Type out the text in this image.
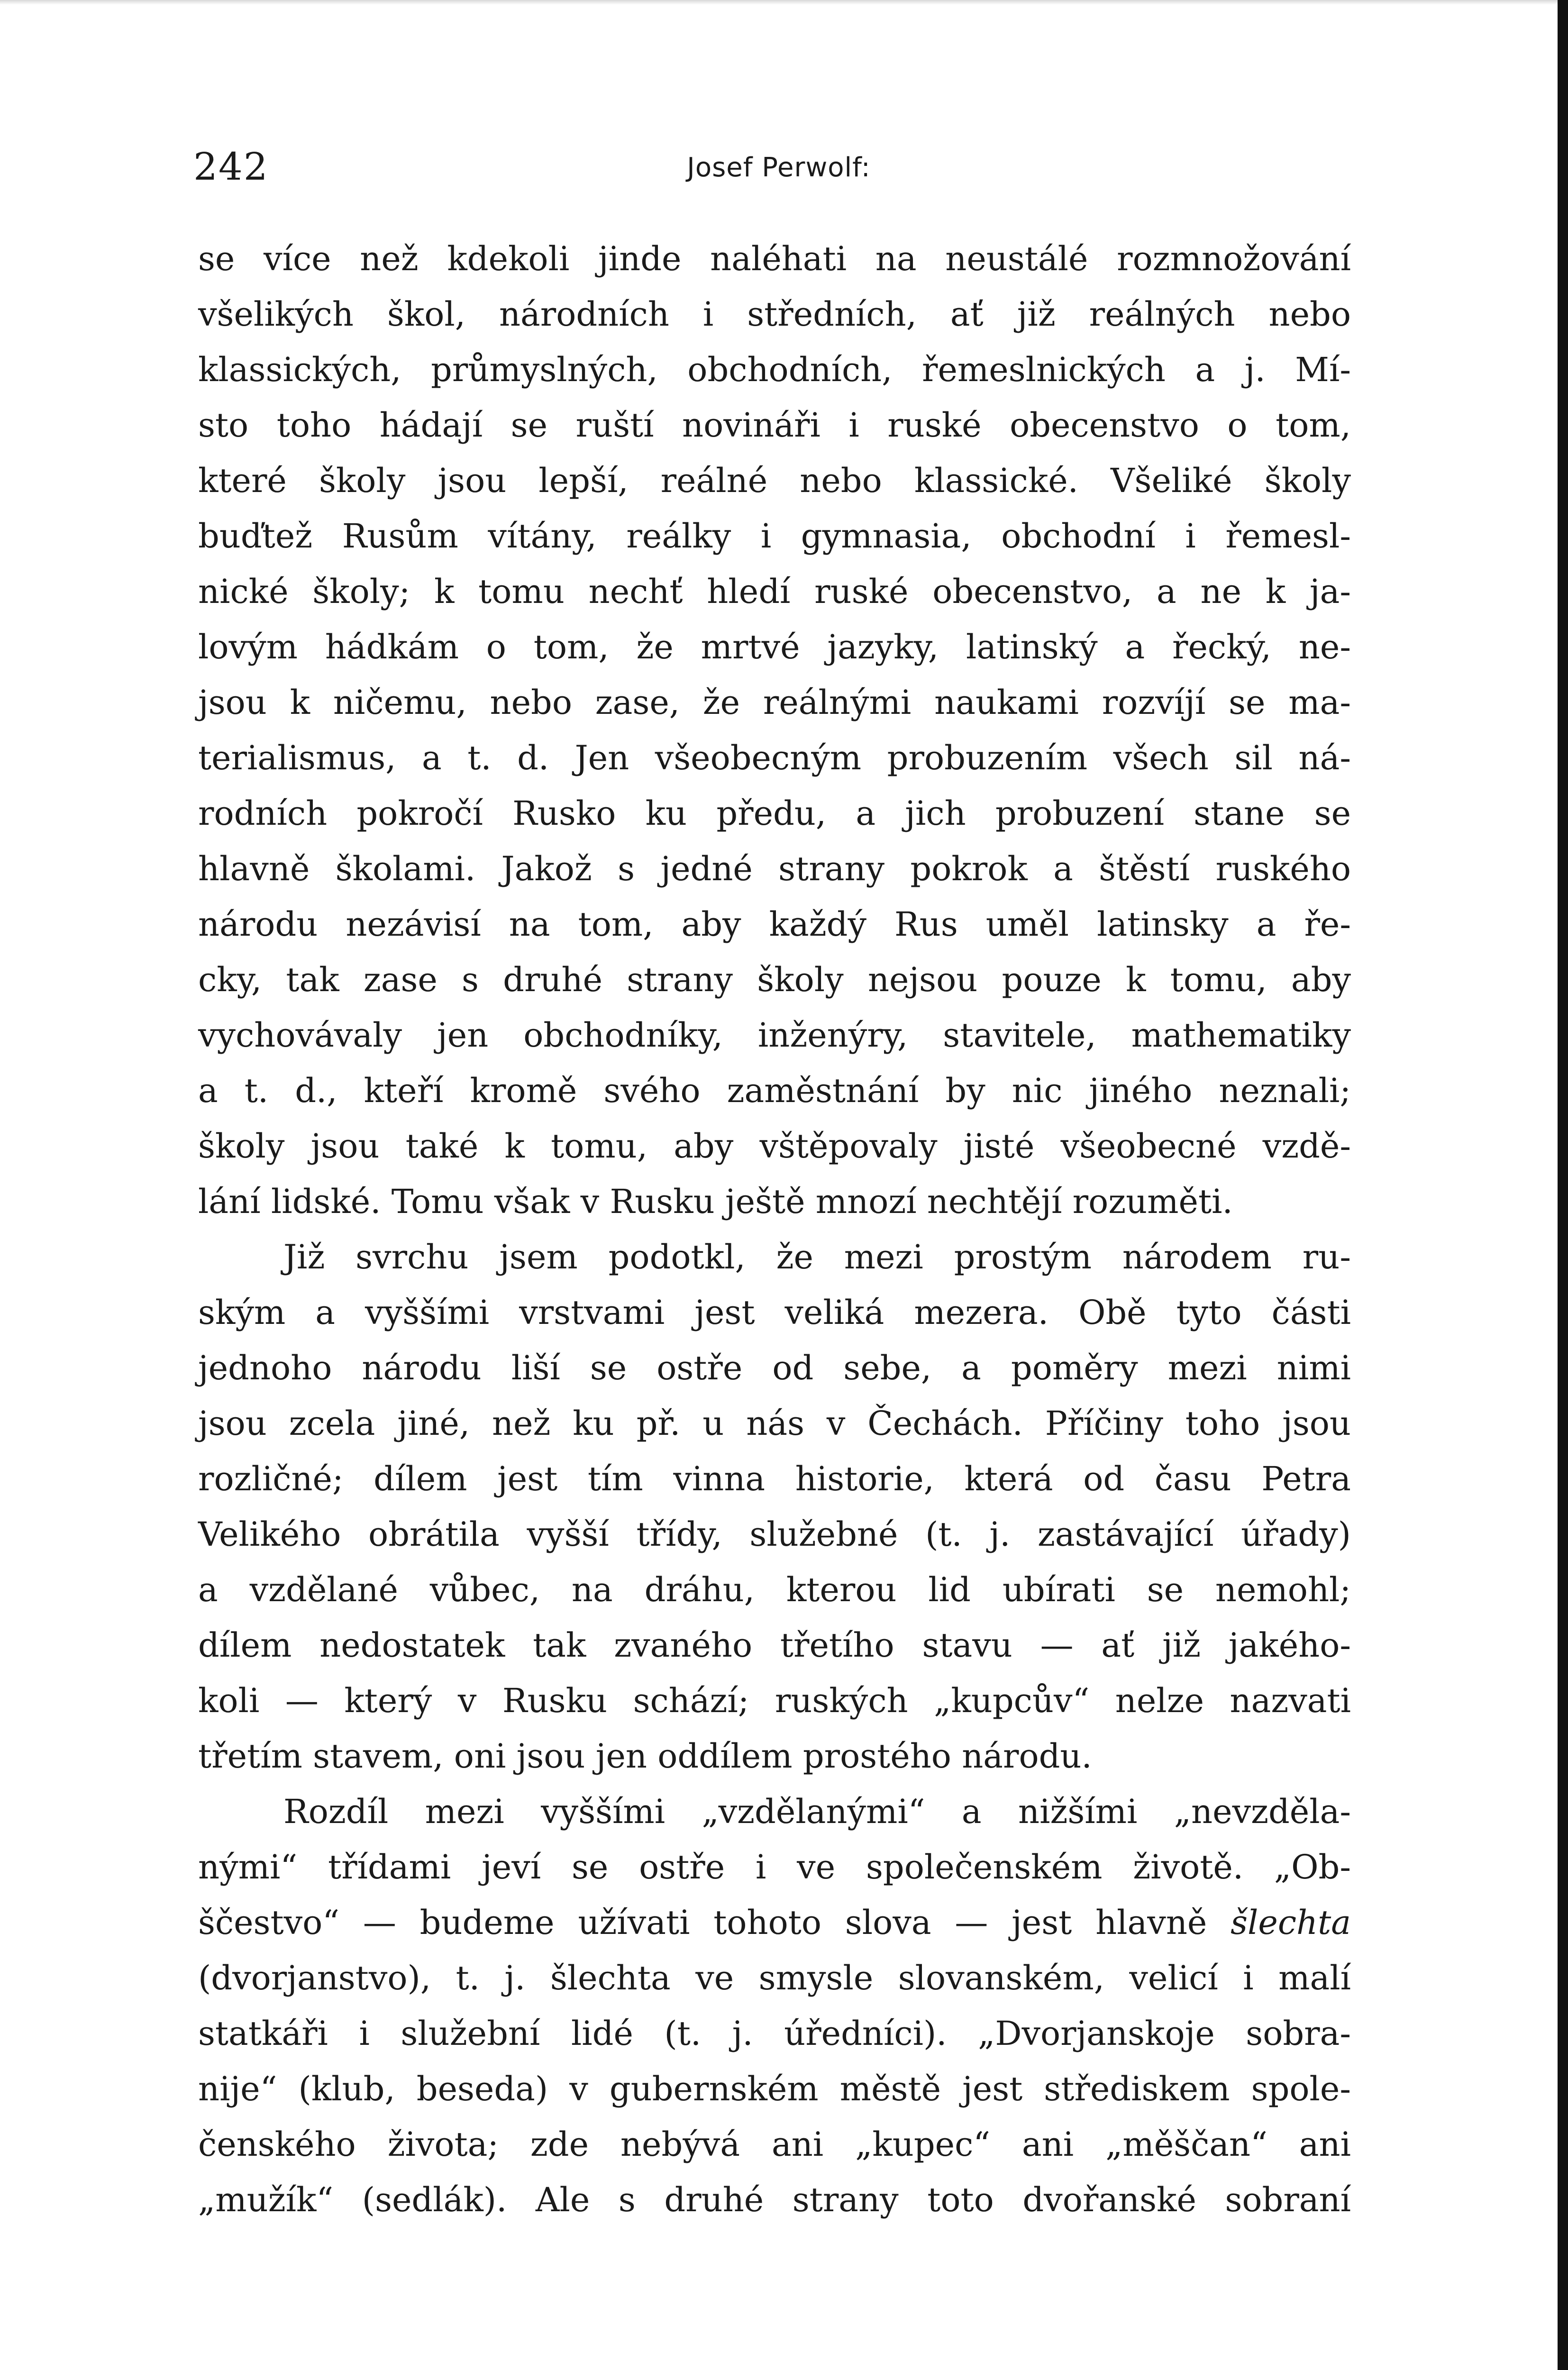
242	Josef Perwolf:
se více než kdekoli jinde naléhati na neustálé rozmnožování
všelikých škol, národních i středních, ať již reálných nebo
klassických, průmyslných, obchodních, řemeslnických a j. Mí-
sto toho hádají se ruští novináři i ruské obecenstvo o tom,
které školy jsou lepší, reálné nebo klassické. Všeliké školy
buďtež Rusům vítány, reálky i gymnasia, obchodní i řemesl-
nické školy; k tomu nechť hledí ruské obecenstvo, a ne k ja-
lovým hádkám o tom, že mrtvé jazyky, latinský a řecký, ne-
jsou k ničemu, nebo zase, že reálnými naukami rozvíjí se ma-
terialismus, a t. d. Jen všeobecným probuzením všech sil ná-
rodních pokročí Rusko ku předu, a jich probuzení stane se
hlavně školami. Jakož s jedné strany pokrok a štěstí ruského
národu nezávisí na tom, aby každý Rus uměl latinsky a ře-
cky, tak zase s druhé strany školy nejsou pouze k tomu, aby
vychovávaly jen obchodníky, inženýry, stavitele, mathematiky
a t. d., kteří kromě svého zaměstnání by nic jiného neznali;
školy jsou také k tomu, aby vštěpovaly jisté všeobecné vzdě-
lání lidské. Tomu však v Rusku ještě mnozí nechtějí rozuměti.
Již svrchu jsem podotkl, že mezi prostým národem ru-
ským a vyššími vrstvami jest veliká mezera. Obě tyto části
jednoho národu liší se ostře od sebe, a poměry mezi nimi
jsou zcela jiné, než ku př. u nás v Čechách. Příčiny toho jsou
rozličné; dílem jest tím vinna historie, která od času Petra
Velikého obrátila vyšší třídy, služebné (t. j. zastávající úřady)
a vzdělané vůbec, na dráhu, kterou lid ubírati se nemohl;
dílem nedostatek tak zvaného třetího stavu — ať již jakého-
koli — který v Rusku schází; ruských „kupcův“ nelze nazvati
třetím stavem, oni jsou jen oddílem prostého národu.
Rozdíl mezi vyššími „vzdělanými“ a nižšími „nevzděla-
nými“ třídami jeví se ostře i ve společenském životě. „Ob-
ščestvo“ — budeme užívati tohoto slova — jest hlavně šlechta
(dvorjanstvo), t. j. šlechta ve smysle slovanském, velicí i malí
statkáři i služební lidé (t. j. úředníci). „Dvorjanskoje sobra-
nije“ (klub, beseda) v gubernském městě jest střediskem spole-
čenského života; zde nebývá ani „kupec“ ani „měščan“ ani
„mužík“ (sedlák). Ale s druhé strany toto dvořanské sobraní
